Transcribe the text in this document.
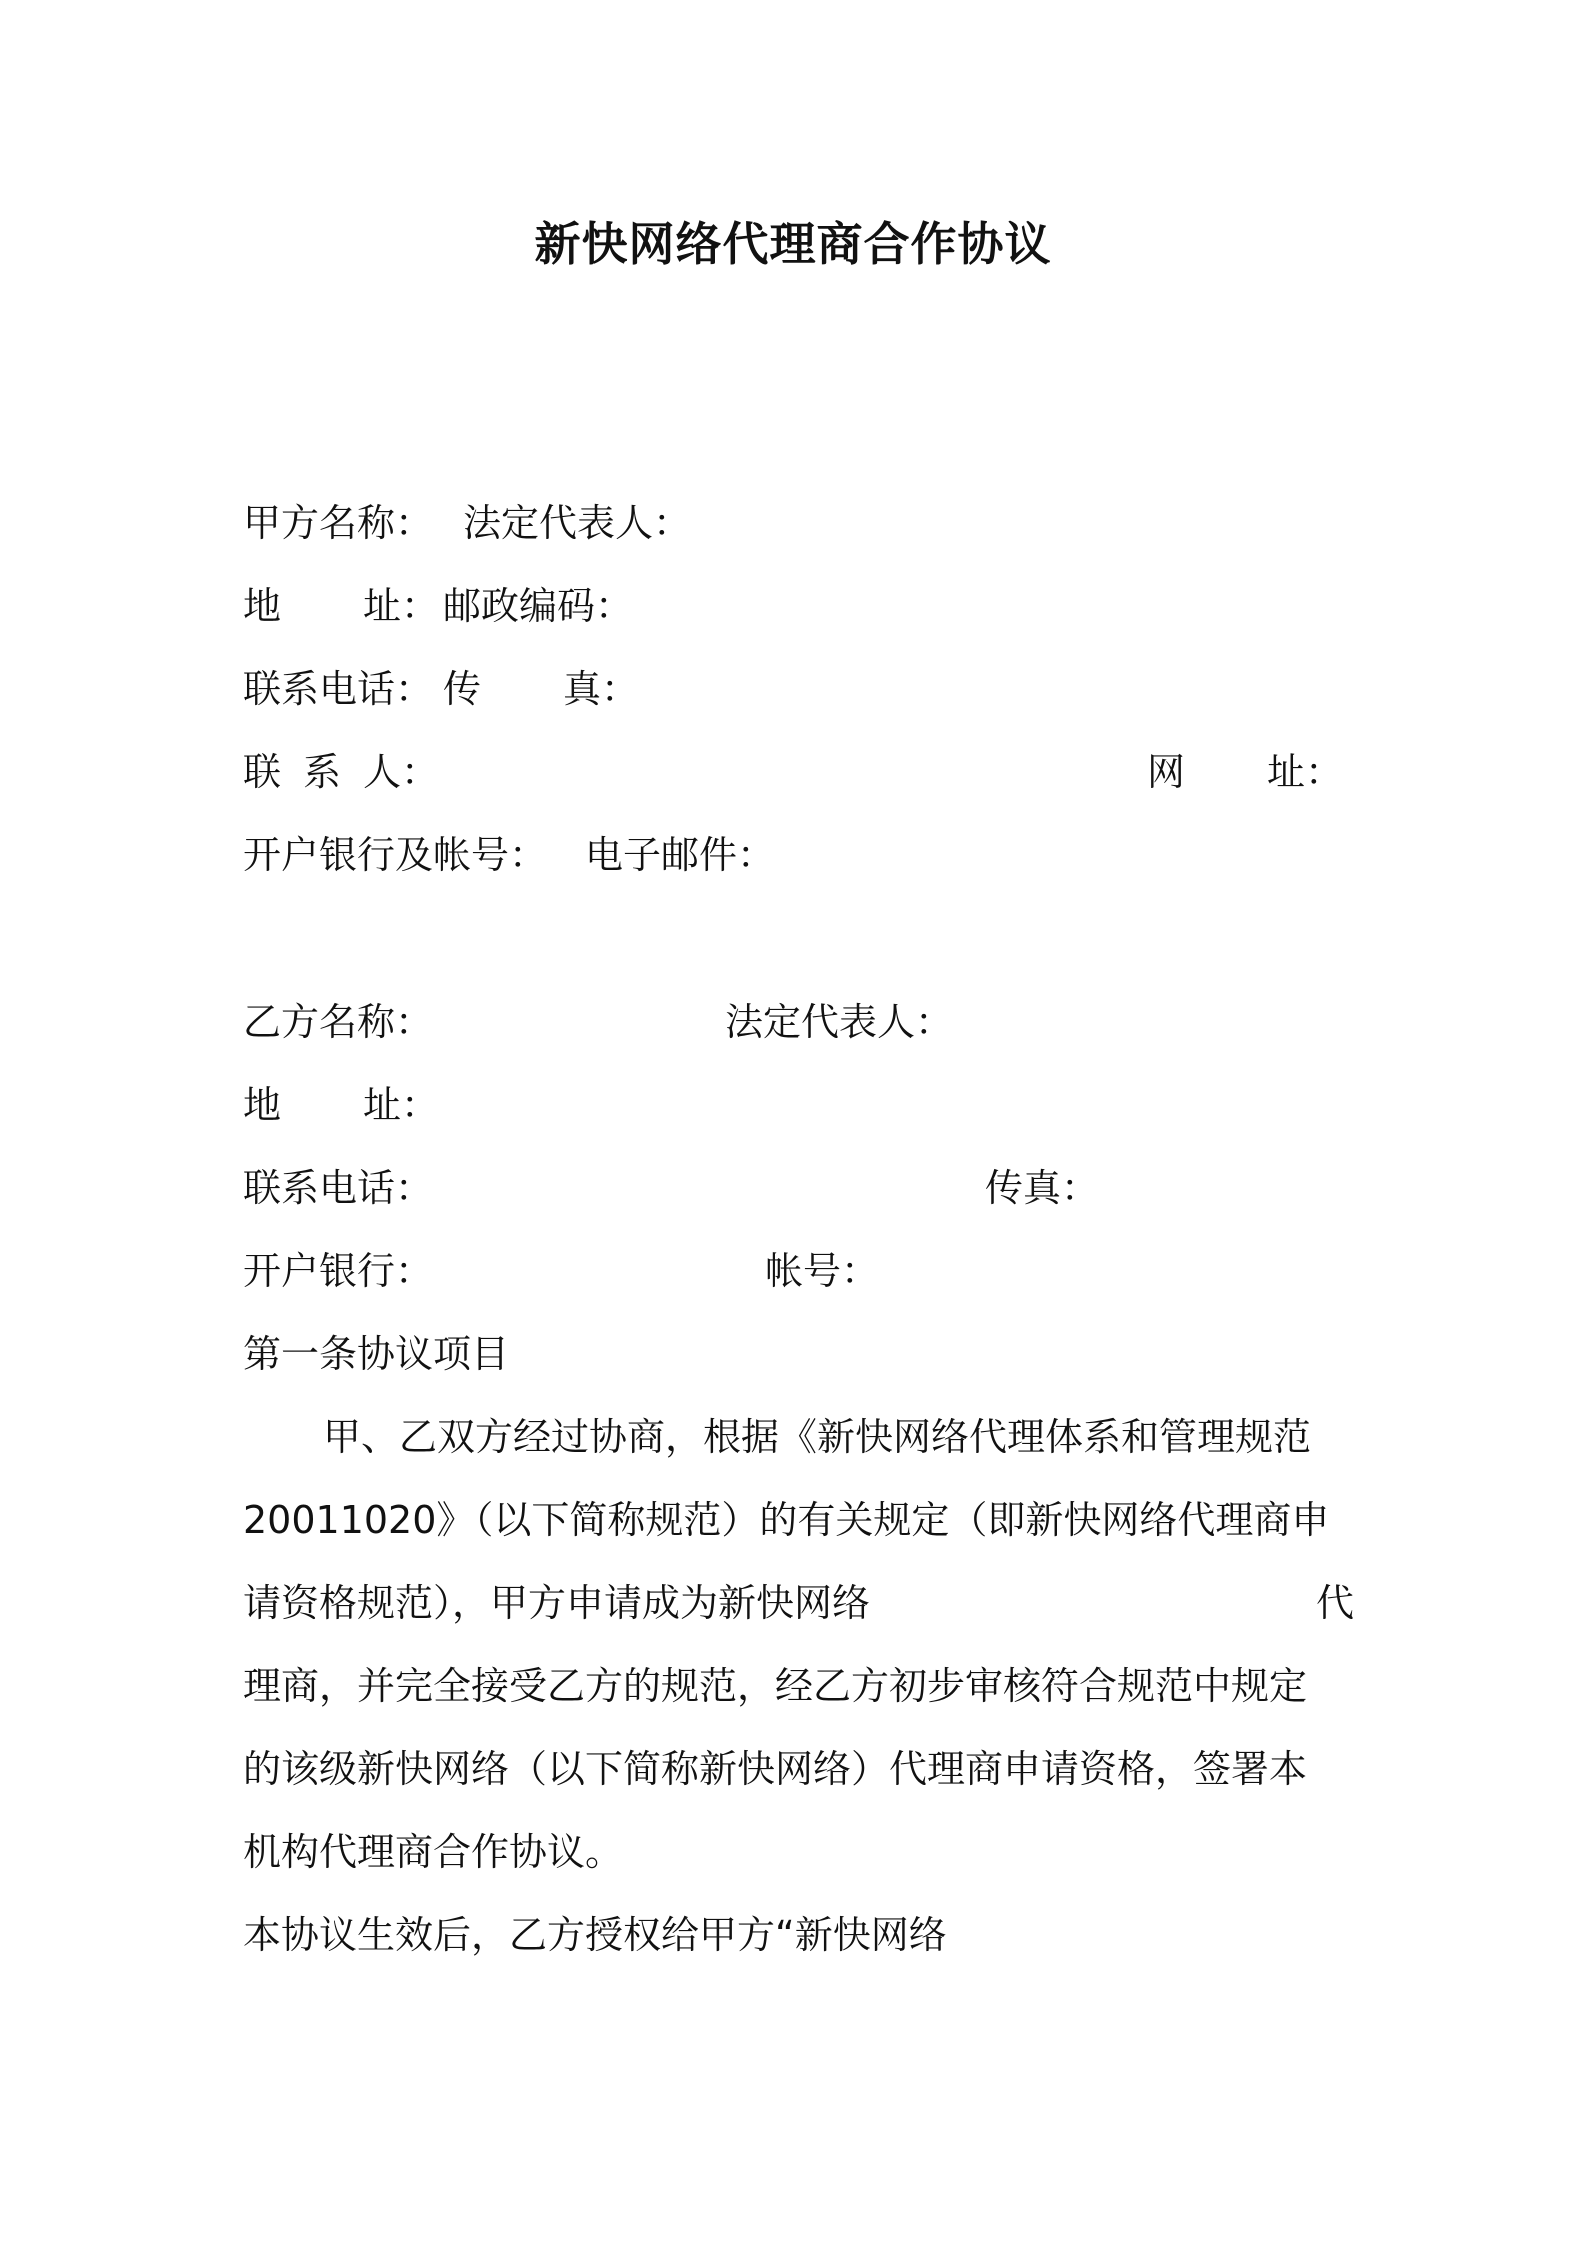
新快网络代理商合作协议
甲方名称： 法定代表人：
地 址： 邮政编码：
联系电话： 传 真：
联 系 人：	网 址：
开户银行及帐号： 电子邮件：
乙方名称：	法定代表人：
地 址：
联系电话：	传真：
开户银行：	帐号：
第一条协议项目
甲、乙双方经过协商，根据《新快网络代理体系和管理规范
20011020》（以下简称规范）的有关规定（即新快网络代理商申
请资格规范），甲方申请成为新快网络	代
理商，并完全接受乙方的规范，经乙方初步审核符合规范中规定
的该级新快网络（以下简称新快网络）代理商申请资格，签署本
机构代理商合作协议。
本协议生效后，乙方授权给甲方“新快网络
